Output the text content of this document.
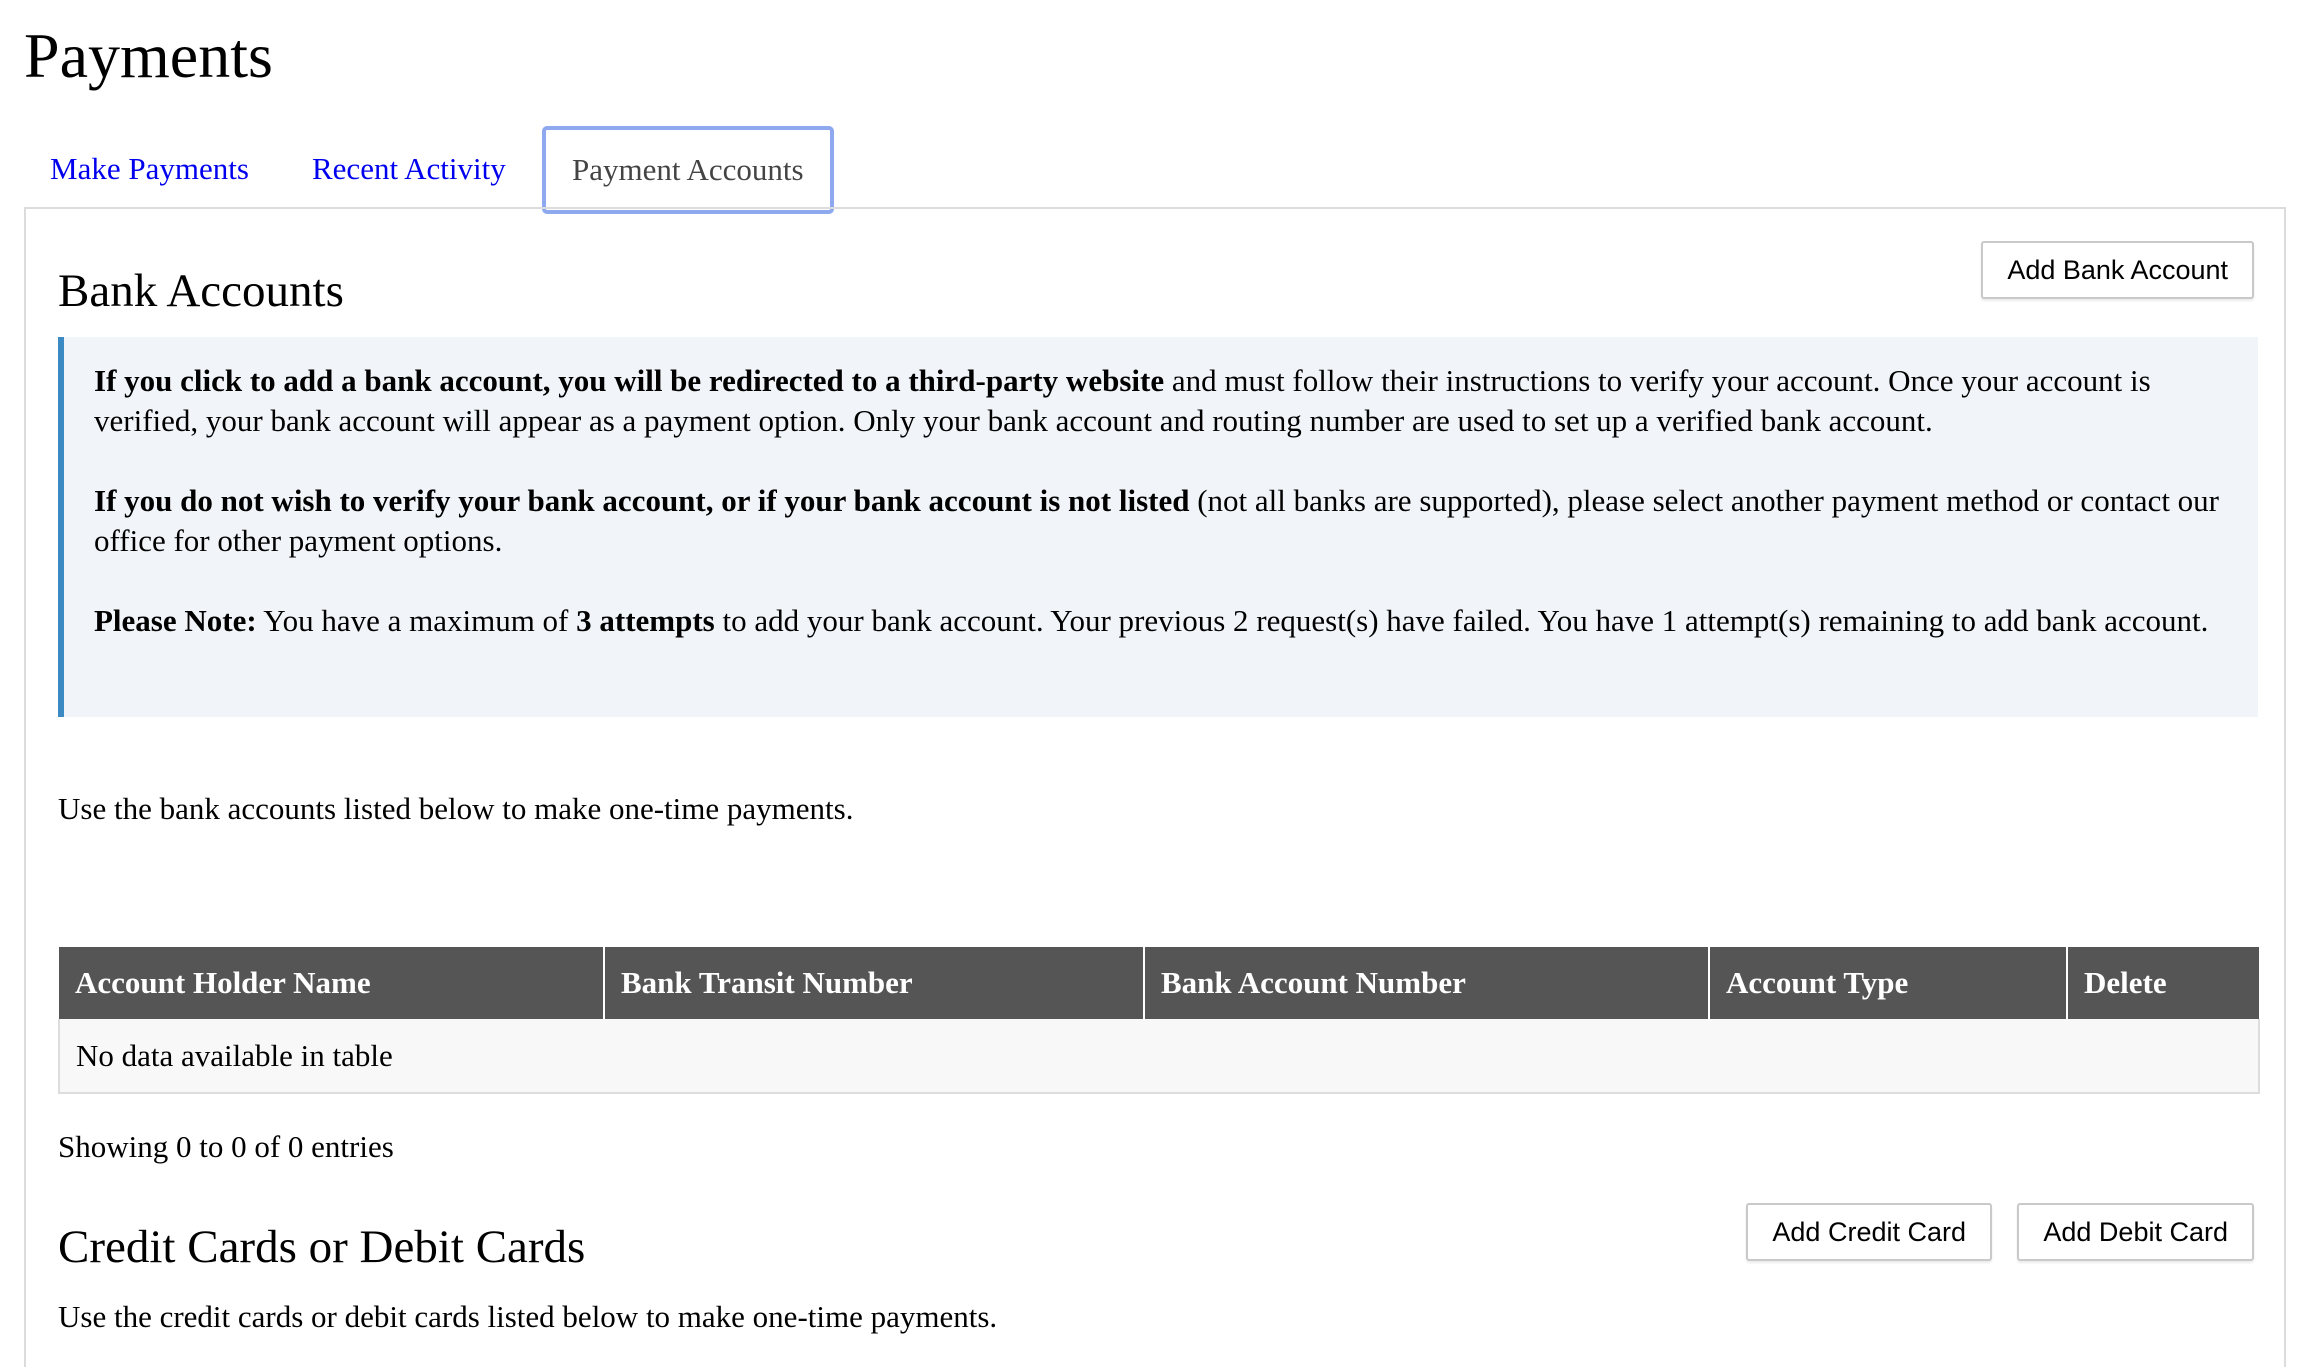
Payments
Make Payments	Recent Activity	Payment Accounts
Bank Accounts	Add Bank Account

If you click to add a bank account, you will be redirected to a third-party website and must follow their instructions to verify your account. Once your account is verified, your bank account will appear as a payment option. Only your bank account and routing number are used to set up a verified bank account.

If you do not wish to verify your bank account, or if your bank account is not listed (not all banks are supported), please select another payment method or contact our office for other payment options.

Please Note: You have a maximum of 3 attempts to add your bank account. Your previous 2 request(s) have failed. You have 1 attempt(s) remaining to add bank account.

Use the bank accounts listed below to make one-time payments.
Account Holder Name	Bank Transit Number	Bank Account Number	Account Type	Delete
No data available in table
Showing 0 to 0 of 0 entries
Credit Cards or Debit Cards	Add Credit Card	Add Debit Card
Use the credit cards or debit cards listed below to make one-time payments.
